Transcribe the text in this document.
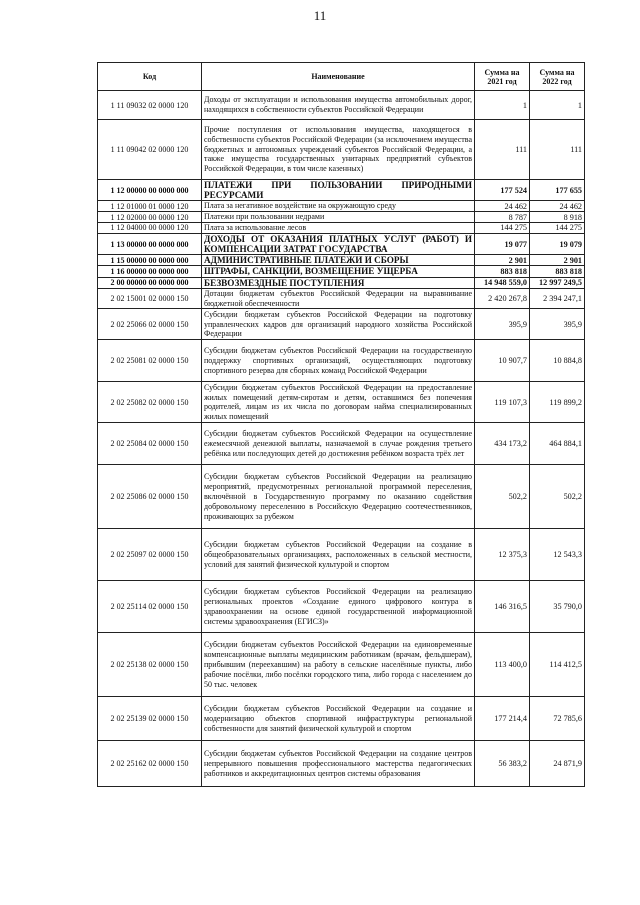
11
Код	Наименование	Сумма на 2021 год	Сумма на 2022 год
1 11 09032 02 0000 120	Доходы от эксплуатации и использования имущества автомобильных дорог, находящихся в собственности субъектов Российской Федерации	1	1
1 11 09042 02 0000 120	Прочие поступления от использования имущества, находящегося в собственности субъектов Российской Федерации (за исключением имущества бюджетных и автономных учреждений субъектов Российской Федерации, а также имущества государственных унитарных предприятий субъектов Российской Федерации, в том числе казенных)	111	111
1 12 00000 00 0000 000	ПЛАТЕЖИ ПРИ ПОЛЬЗОВАНИИ ПРИРОДНЫМИ РЕСУРСАМИ	177 524	177 655
1 12 01000 01 0000 120	Плата за негативное воздействие на окружающую среду	24 462	24 462
1 12 02000 00 0000 120	Платежи при пользовании недрами	8 787	8 918
1 12 04000 00 0000 120	Плата за использование лесов	144 275	144 275
1 13 00000 00 0000 000	ДОХОДЫ ОТ ОКАЗАНИЯ ПЛАТНЫХ УСЛУГ (РАБОТ) И КОМПЕНСАЦИИ ЗАТРАТ ГОСУДАРСТВА	19 077	19 079
1 15 00000 00 0000 000	АДМИНИСТРАТИВНЫЕ ПЛАТЕЖИ И СБОРЫ	2 901	2 901
1 16 00000 00 0000 000	ШТРАФЫ, САНКЦИИ, ВОЗМЕЩЕНИЕ УЩЕРБА	883 818	883 818
2 00 00000 00 0000 000	БЕЗВОЗМЕЗДНЫЕ ПОСТУПЛЕНИЯ	14 948 559,0	12 997 249,5
2 02 15001 02 0000 150	Дотации бюджетам субъектов Российской Федерации на выравнивание бюджетной обеспеченности	2 420 267,8	2 394 247,1
2 02 25066 02 0000 150	Субсидии бюджетам субъектов Российской Федерации на подготовку управленческих кадров для организаций народного хозяйства Российской Федерации	395,9	395,9
2 02 25081 02 0000 150	Субсидии бюджетам субъектов Российской Федерации на государственную поддержку спортивных организаций, осуществляющих подготовку спортивного резерва для сборных команд Российской Федерации	10 907,7	10 884,8
2 02 25082 02 0000 150	Субсидии бюджетам субъектов Российской Федерации на предоставление жилых помещений детям-сиротам и детям, оставшимся без попечения родителей, лицам из их числа по договорам найма специализированных жилых помещений	119 107,3	119 899,2
2 02 25084 02 0000 150	Субсидии бюджетам субъектов Российской Федерации на осуществление ежемесячной денежной выплаты, назначаемой в случае рождения третьего ребёнка или последующих детей до достижения ребёнком возраста трёх лет	434 173,2	464 884,1
2 02 25086 02 0000 150	Субсидии бюджетам субъектов Российской Федерации на реализацию мероприятий, предусмотренных региональной программой переселения, включённой в Государственную программу по оказанию содействия добровольному переселению в Российскую Федерацию соотечественников, проживающих за рубежом	502,2	502,2
2 02 25097 02 0000 150	Субсидии бюджетам субъектов Российской Федерации на создание в общеобразовательных организациях, расположенных в сельской местности, условий для занятий физической культурой и спортом	12 375,3	12 543,3
2 02 25114 02 0000 150	Субсидии бюджетам субъектов Российской Федерации на реализацию региональных проектов «Создание единого цифрового контура в здравоохранении на основе единой государственной информационной системы здравоохранения (ЕГИСЗ)»	146 316,5	35 790,0
2 02 25138 02 0000 150	Субсидии бюджетам субъектов Российской Федерации на единовременные компенсационные выплаты медицинским работникам (врачам, фельдшерам), прибывшим (переехавшим) на работу в сельские населённые пункты, либо рабочие посёлки, либо посёлки городского типа, либо города с населением до 50 тыс. человек	113 400,0	114 412,5
2 02 25139 02 0000 150	Субсидии бюджетам субъектов Российской Федерации на создание и модернизацию объектов спортивной инфраструктуры региональной собственности для занятий физической культурой и спортом	177 214,4	72 785,6
2 02 25162 02 0000 150	Субсидии бюджетам субъектов Российской Федерации на создание центров непрерывного повышения профессионального мастерства педагогических работников и аккредитационных центров системы образования	56 383,2	24 871,9
